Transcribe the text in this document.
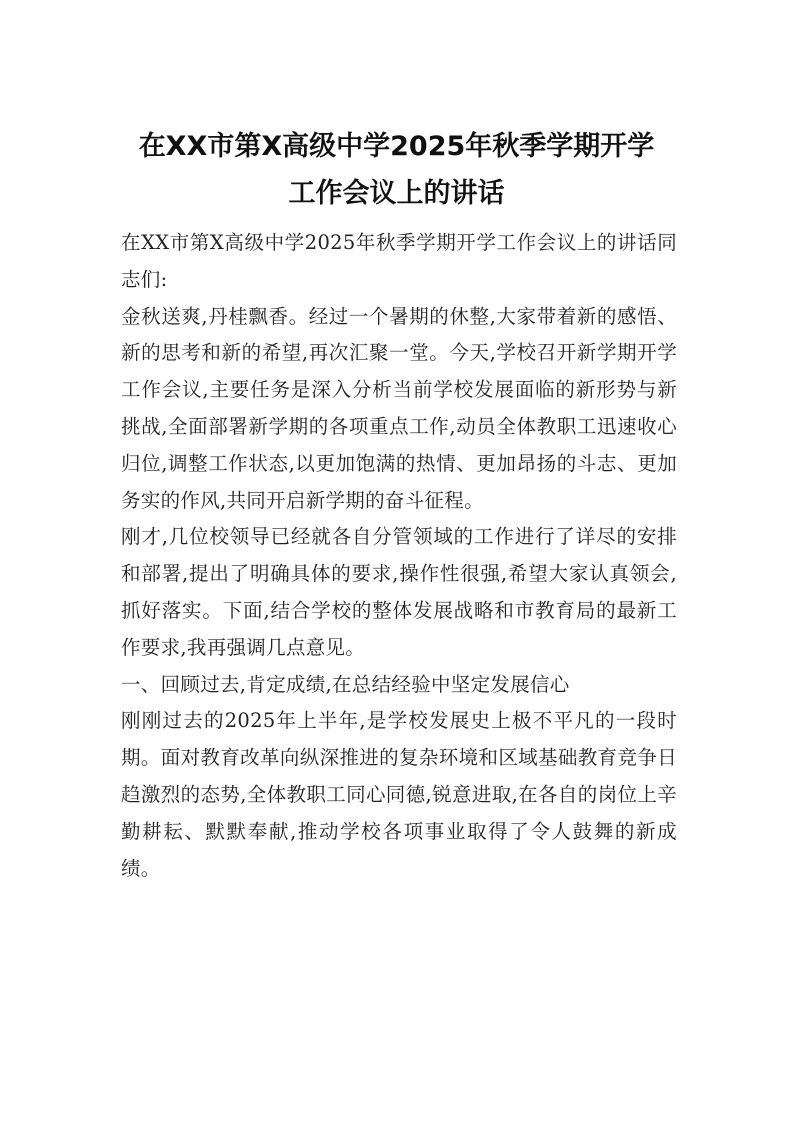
在XX市第X高级中学2025年秋季学期开学
工作会议上的讲话

在XX市第X高级中学2025年秋季学期开学工作会议上的讲话同志们:

金秋送爽,丹桂飘香。经过一个暑期的休整,大家带着新的感悟、新的思考和新的希望,再次汇聚一堂。今天,学校召开新学期开学工作会议,主要任务是深入分析当前学校发展面临的新形势与新挑战,全面部署新学期的各项重点工作,动员全体教职工迅速收心归位,调整工作状态,以更加饱满的热情、更加昂扬的斗志、更加务实的作风,共同开启新学期的奋斗征程。

刚才,几位校领导已经就各自分管领域的工作进行了详尽的安排和部署,提出了明确具体的要求,操作性很强,希望大家认真领会,抓好落实。下面,结合学校的整体发展战略和市教育局的最新工作要求,我再强调几点意见。

一、回顾过去,肯定成绩,在总结经验中坚定发展信心

刚刚过去的2025年上半年,是学校发展史上极不平凡的一段时期。面对教育改革向纵深推进的复杂环境和区域基础教育竞争日趋激烈的态势,全体教职工同心同德,锐意进取,在各自的岗位上辛勤耕耘、默默奉献,推动学校各项事业取得了令人鼓舞的新成绩。
